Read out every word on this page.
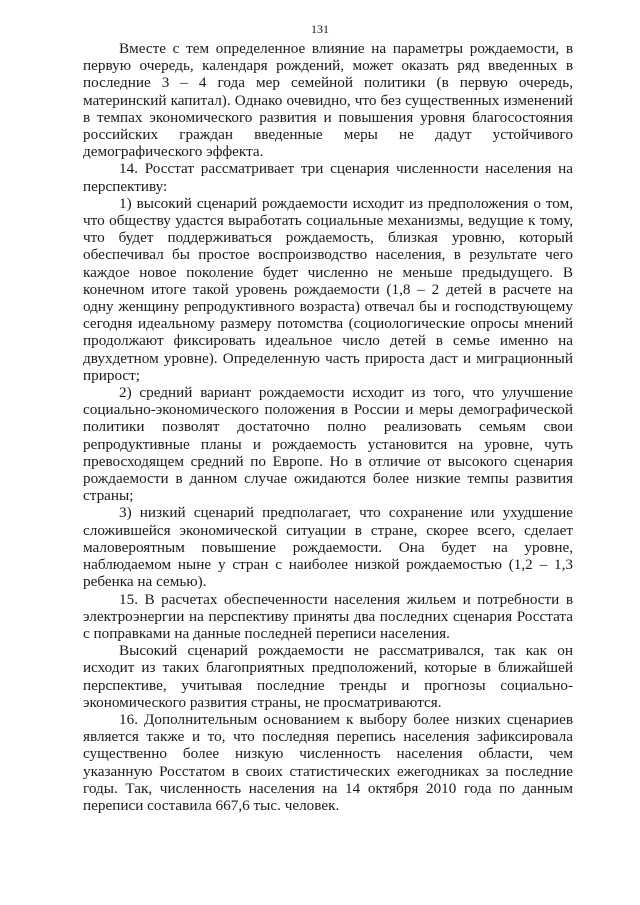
131

Вместе с тем определенное влияние на параметры рождаемости, в первую очередь, календаря рождений, может оказать ряд введенных в последние 3 – 4 года мер семейной политики (в первую очередь, материнский капитал). Однако очевидно, что без существенных изменений в темпах экономического развития и повышения уровня благосостояния российских граждан введенные меры не дадут устойчивого демографического эффекта.

14. Росстат рассматривает три сценария численности населения на перспективу:

1) высокий сценарий рождаемости исходит из предположения о том, что обществу удастся выработать социальные механизмы, ведущие к тому, что будет поддерживаться рождаемость, близкая уровню, который обеспечивал бы простое воспроизводство населения, в результате чего каждое новое поколение будет численно не меньше предыдущего. В конечном итоге такой уровень рождаемости (1,8 – 2 детей в расчете на одну женщину репродуктивного возраста) отвечал бы и господствующему сегодня идеальному размеру потомства (социологические опросы мнений продолжают фиксировать идеальное число детей в семье именно на двухдетном уровне). Определенную часть прироста даст и миграционный прирост;

2) средний вариант рождаемости исходит из того, что улучшение социально-экономического положения в России и меры демографической политики позволят достаточно полно реализовать семьям свои репродуктивные планы и рождаемость установится на уровне, чуть превосходящем средний по Европе. Но в отличие от высокого сценария рождаемости в данном случае ожидаются более низкие темпы развития страны;

3) низкий сценарий предполагает, что сохранение или ухудшение сложившейся экономической ситуации в стране, скорее всего, сделает маловероятным повышение рождаемости. Она будет на уровне, наблюдаемом ныне у стран с наиболее низкой рождаемостью (1,2 – 1,3 ребенка на семью).

15. В расчетах обеспеченности населения жильем и потребности в электроэнергии на перспективу приняты два последних сценария Росстата с поправками на данные последней переписи населения.

Высокий сценарий рождаемости не рассматривался, так как он исходит из таких благоприятных предположений, которые в ближайшей перспективе, учитывая последние тренды и прогнозы социально-экономического развития страны, не просматриваются.

16. Дополнительным основанием к выбору более низких сценариев является также и то, что последняя перепись населения зафиксировала существенно более низкую численность населения области, чем указанную Росстатом в своих статистических ежегодниках за последние годы. Так, численность населения на 14 октября 2010 года по данным переписи составила 667,6 тыс. человек.
